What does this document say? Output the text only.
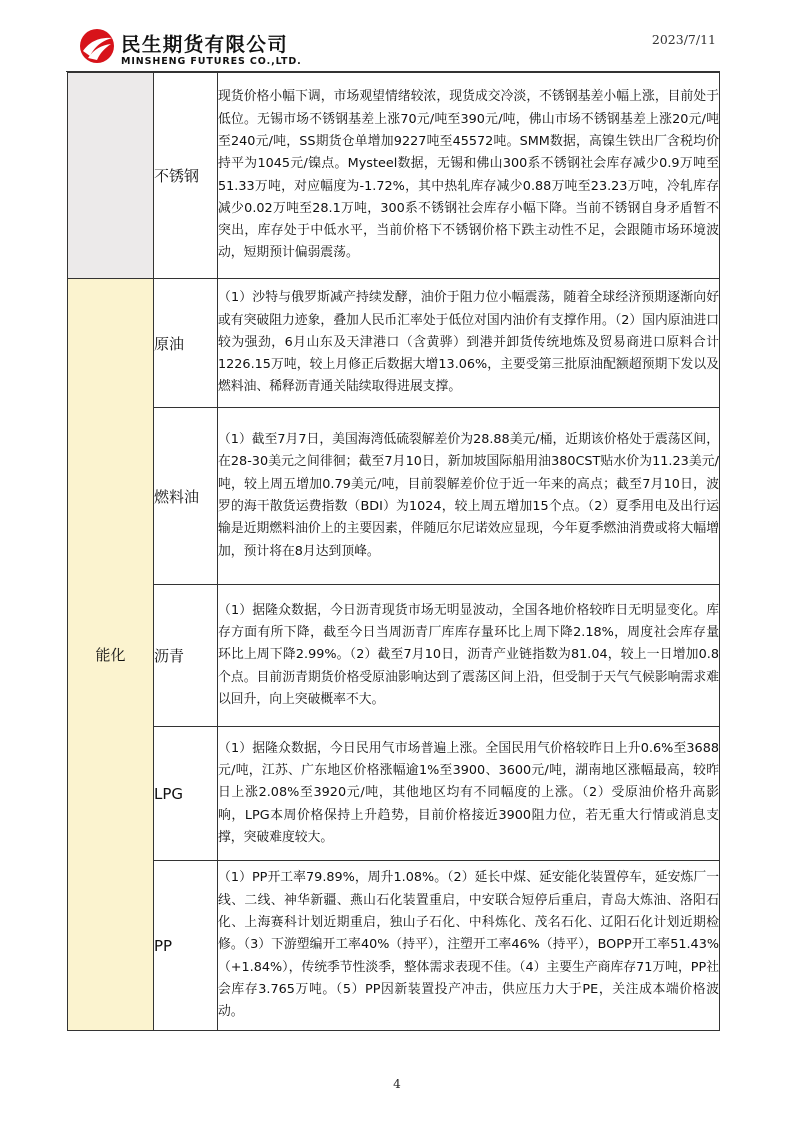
民生期货有限公司
MINSHENG FUTURES CO.,LTD.
2023/7/11
	不锈钢	现货价格小幅下调，市场观望情绪较浓，现货成交冷淡，不锈钢基差小幅上涨，目前处于低位。无锡市场不锈钢基差上涨70元/吨至390元/吨，佛山市场不锈钢基差上涨20元/吨至240元/吨，SS期货仓单增加9227吨至45572吨。SMM数据，高镍生铁出厂含税均价持平为1045元/镍点。Mysteel数据，无锡和佛山300系不锈钢社会库存减少0.9万吨至51.33万吨，对应幅度为-1.72%，其中热轧库存减少0.88万吨至23.23万吨，冷轧库存减少0.02万吨至28.1万吨，300系不锈钢社会库存小幅下降。当前不锈钢自身矛盾暂不突出，库存处于中低水平，当前价格下不锈钢价格下跌主动性不足，会跟随市场环境波动，短期预计偏弱震荡。
能化	原油	（1）沙特与俄罗斯减产持续发酵，油价于阻力位小幅震荡，随着全球经济预期逐渐向好或有突破阻力迹象，叠加人民币汇率处于低位对国内油价有支撑作用。（2）国内原油进口较为强劲，6月山东及天津港口（含黄骅）到港并卸货传统地炼及贸易商进口原料合计1226.15万吨，较上月修正后数据大增13.06%，主要受第三批原油配额超预期下发以及燃料油、稀释沥青通关陆续取得进展支撑。
	燃料油	（1）截至7月7日，美国海湾低硫裂解差价为28.88美元/桶，近期该价格处于震荡区间，在28-30美元之间徘徊；截至7月10日，新加坡国际船用油380CST贴水价为11.23美元/吨，较上周五增加0.79美元/吨，目前裂解差价位于近一年来的高点；截至7月10日，波罗的海干散货运费指数（BDI）为1024，较上周五增加15个点。（2）夏季用电及出行运输是近期燃料油价上的主要因素，伴随厄尔尼诺效应显现，今年夏季燃油消费或将大幅增加，预计将在8月达到顶峰。
	沥青	（1）据隆众数据，今日沥青现货市场无明显波动，全国各地价格较昨日无明显变化。库存方面有所下降，截至今日当周沥青厂库库存量环比上周下降2.18%，周度社会库存量环比上周下降2.99%。（2）截至7月10日，沥青产业链指数为81.04，较上一日增加0.8个点。目前沥青期货价格受原油影响达到了震荡区间上沿，但受制于天气气候影响需求难以回升，向上突破概率不大。
	LPG	（1）据隆众数据，今日民用气市场普遍上涨。全国民用气价格较昨日上升0.6%至3688元/吨，江苏、广东地区价格涨幅逾1%至3900、3600元/吨，湖南地区涨幅最高，较昨日上涨2.08%至3920元/吨，其他地区均有不同幅度的上涨。（2）受原油价格升高影响，LPG本周价格保持上升趋势，目前价格接近3900阻力位，若无重大行情或消息支撑，突破难度较大。
	PP	（1）PP开工率79.89%，周升1.08%。（2）延长中煤、延安能化装置停车，延安炼厂一线、二线、神华新疆、燕山石化装置重启，中安联合短停后重启，青岛大炼油、洛阳石化、上海赛科计划近期重启，独山子石化、中科炼化、茂名石化、辽阳石化计划近期检修。（3）下游塑编开工率40%（持平），注塑开工率46%（持平），BOPP开工率51.43%（+1.84%），传统季节性淡季，整体需求表现不佳。（4）主要生产商库存71万吨，PP社会库存3.765万吨。（5）PP因新装置投产冲击，供应压力大于PE，关注成本端价格波动。
4
